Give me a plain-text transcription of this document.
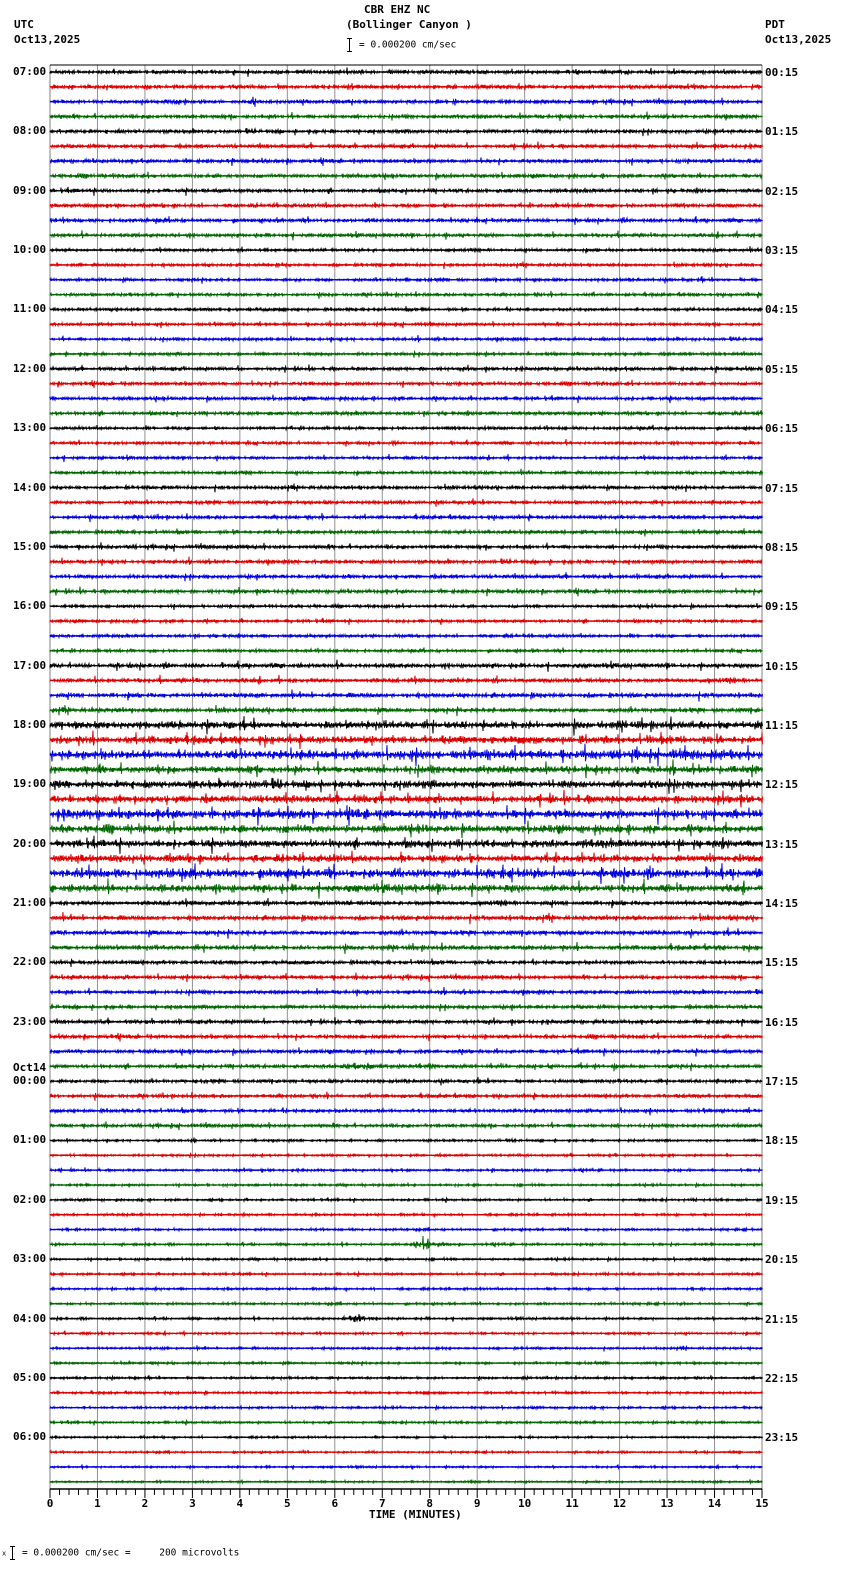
CBR EHZ NC
(Bollinger Canyon )
UTC
Oct13,2025
PDT
Oct13,2025
= 0.000200 cm/sec
0	1	2	3	4	5	6	7	8	9	10	11	12	13	14	15
07:00
08:00
09:00
10:00
11:00
12:00
13:00
14:00
15:00
16:00
17:00
18:00
19:00
20:00
21:00
22:00
23:00
Oct14
00:00
01:00
02:00
03:00
04:00
05:00
06:00
00:15
01:15
02:15
03:15
04:15
05:15
06:15
07:15
08:15
09:15
10:15
11:15
12:15
13:15
14:15
15:15
16:15
17:15
18:15
19:15
20:15
21:15
22:15
23:15
TIME (MINUTES)
x = 0.000200 cm/sec =     200 microvolts
